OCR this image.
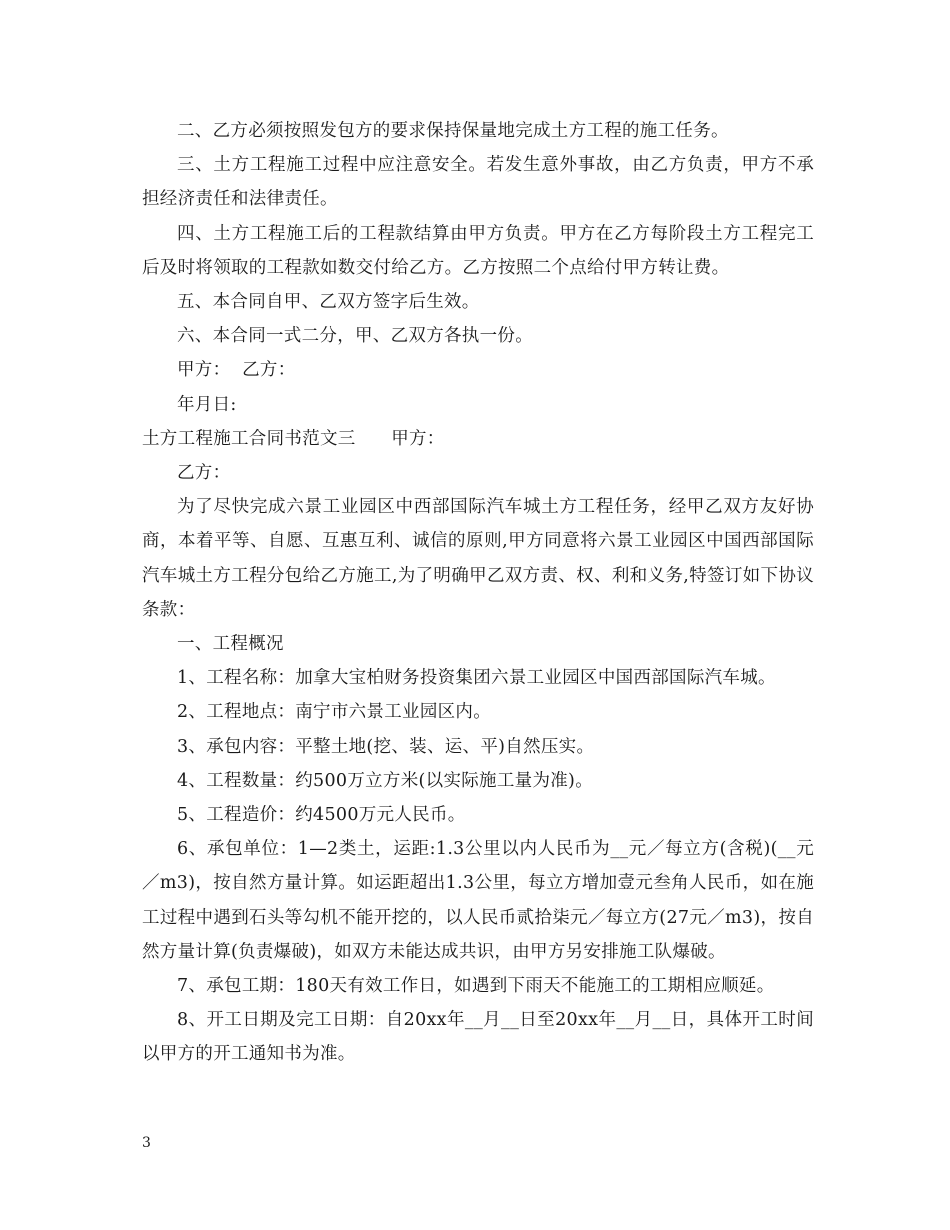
二、乙方必须按照发包方的要求保持保量地完成土方工程的施工任务。

三、土方工程施工过程中应注意安全。若发生意外事故，由乙方负责，甲方不承担经济责任和法律责任。

四、土方工程施工后的工程款结算由甲方负责。甲方在乙方每阶段土方工程完工后及时将领取的工程款如数交付给乙方。乙方按照二个点给付甲方转让费。

五、本合同自甲、乙双方签字后生效。

六、本合同一式二分，甲、乙双方各执一份。

甲方：  乙方：

年月日:

土方工程施工合同书范文三　　甲方：

乙方：

为了尽快完成六景工业园区中西部国际汽车城土方工程任务，经甲乙双方友好协商，本着平等、自愿、互惠互利、诚信的原则,甲方同意将六景工业园区中国西部国际汽车城土方工程分包给乙方施工,为了明确甲乙双方责、权、利和义务,特签订如下协议条款：

一、工程概况

1、工程名称：加拿大宝柏财务投资集团六景工业园区中国西部国际汽车城。

2、工程地点：南宁市六景工业园区内。

3、承包内容：平整土地(挖、装、运、平)自然压实。

4、工程数量：约500万立方米(以实际施工量为准)。

5、工程造价：约4500万元人民币。

6、承包单位：1—2类土，运距:1.3公里以内人民币为__元／每立方(含税)(__元／m3)，按自然方量计算。如运距超出1.3公里，每立方增加壹元叁角人民币，如在施工过程中遇到石头等勾机不能开挖的，以人民币贰拾柒元／每立方(27元／m3)，按自然方量计算(负责爆破)，如双方未能达成共识，由甲方另安排施工队爆破。

7、承包工期：180天有效工作日，如遇到下雨天不能施工的工期相应顺延。

8、开工日期及完工日期：自20xx年__月__日至20xx年__月__日，具体开工时间以甲方的开工通知书为准。

3
